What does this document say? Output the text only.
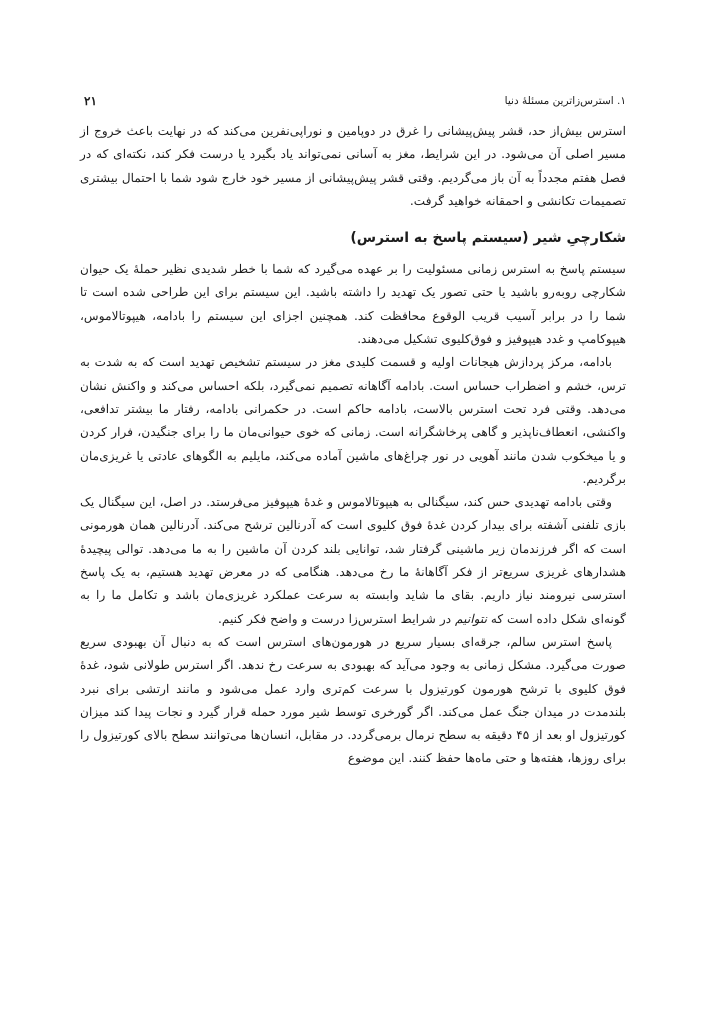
۱. استرس‌زاترین مسئلهٔ دنیا
۲۱

استرس بیش‌از حد، قشر پیش‌پیشانی را غرق در دوپامین و نوراپی‌نفرین می‌کند که در نهایت باعث خروج از مسیر اصلی آن می‌شود. در این شرایط، مغز به آسانی نمی‌تواند یاد بگیرد یا درست فکر کند، نکته‌ای که در فصل هفتم مجدداً به آن باز می‌گردیم. وقتی قشر پیش‌پیشانی از مسیر خود خارج شود شما با احتمال بیشتری تصمیمات تکانشی و احمقانه خواهید گرفت.

شکارچیِ شیر (سیستم پاسخ به استرس)

سیستم پاسخ به استرس زمانی مسئولیت را بر عهده می‌گیرد که شما با خطر شدیدی نظیر حملهٔ یک حیوان شکارچی روبه‌رو باشید یا حتی تصور یک تهدید را داشته باشید. این سیستم برای این طراحی شده است تا شما را در برابر آسیب قریب الوقوع محافظت کند. همچنین اجزای این سیستم را بادامه، هیپوتالاموس، هیپوکامپ و غدد هیپوفیز و فوق‌کلیوی تشکیل می‌دهند.

بادامه، مرکز پردازش هیجانات اولیه و قسمت کلیدی مغز در سیستم تشخیص تهدید است که به شدت به ترس، خشم و اضطراب حساس است. بادامه آگاهانه تصمیم نمی‌گیرد، بلکه احساس می‌کند و واکنش نشان می‌دهد. وقتی فرد تحت استرس بالاست، بادامه حاکم است. در حکمرانی بادامه، رفتار ما بیشتر تدافعی، واکنشی، انعطاف‌ناپذیر و گاهی پرخاشگرانه است. زمانی که خوی حیوانی‌مان ما را برای جنگیدن، فرار کردن و یا میخکوب شدن مانند آهویی در نور چراغ‌های ماشین آماده می‌کند، مایلیم به الگوهای عادتی یا غریزی‌مان برگردیم.

وقتی بادامه تهدیدی حس کند، سیگنالی به هیپوتالاموس و غدهٔ هیپوفیز می‌فرستد. در اصل، این سیگنال یک بازی تلفنی آشفته برای بیدار کردن غدهٔ فوق کلیوی است که آدرنالین ترشح می‌کند. آدرنالین همان هورمونی است که اگر فرزندمان زیر ماشینی گرفتار شد، توانایی بلند کردن آن ماشین را به ما می‌دهد. توالی پیچیدهٔ هشدارهای غریزی سریع‌تر از فکر آگاهانهٔ ما رخ می‌دهد. هنگامی که در معرض تهدید هستیم، به یک پاسخ استرسی نیرومند نیاز داریم. بقای ما شاید وابسته به سرعت عملکرد غریزی‌مان باشد و تکامل ما را به گونه‌ای شکل داده است که نتوانیم در شرایط استرس‌زا درست و واضح فکر کنیم.

پاسخ استرس سالم، جرقه‌ای بسیار سریع در هورمون‌های استرس است که به دنبال آن بهبودی سریع صورت می‌گیرد. مشکل زمانی به وجود می‌آید که بهبودی به سرعت رخ ندهد. اگر استرس طولانی شود، غدهٔ فوق کلیوی با ترشح هورمون کورتیزول با سرعت کم‌تری وارد عمل می‌شود و مانند ارتشی برای نبرد بلندمدت در میدان جنگ عمل می‌کند. اگر گورخری توسط شیر مورد حمله قرار گیرد و نجات پیدا کند میزان کورتیزول او بعد از ۴۵ دقیقه به سطح نرمال برمی‌گردد. در مقابل، انسان‌ها می‌توانند سطح بالای کورتیزول را برای روزها، هفته‌ها و حتی ماه‌ها حفظ کنند. این موضوع
